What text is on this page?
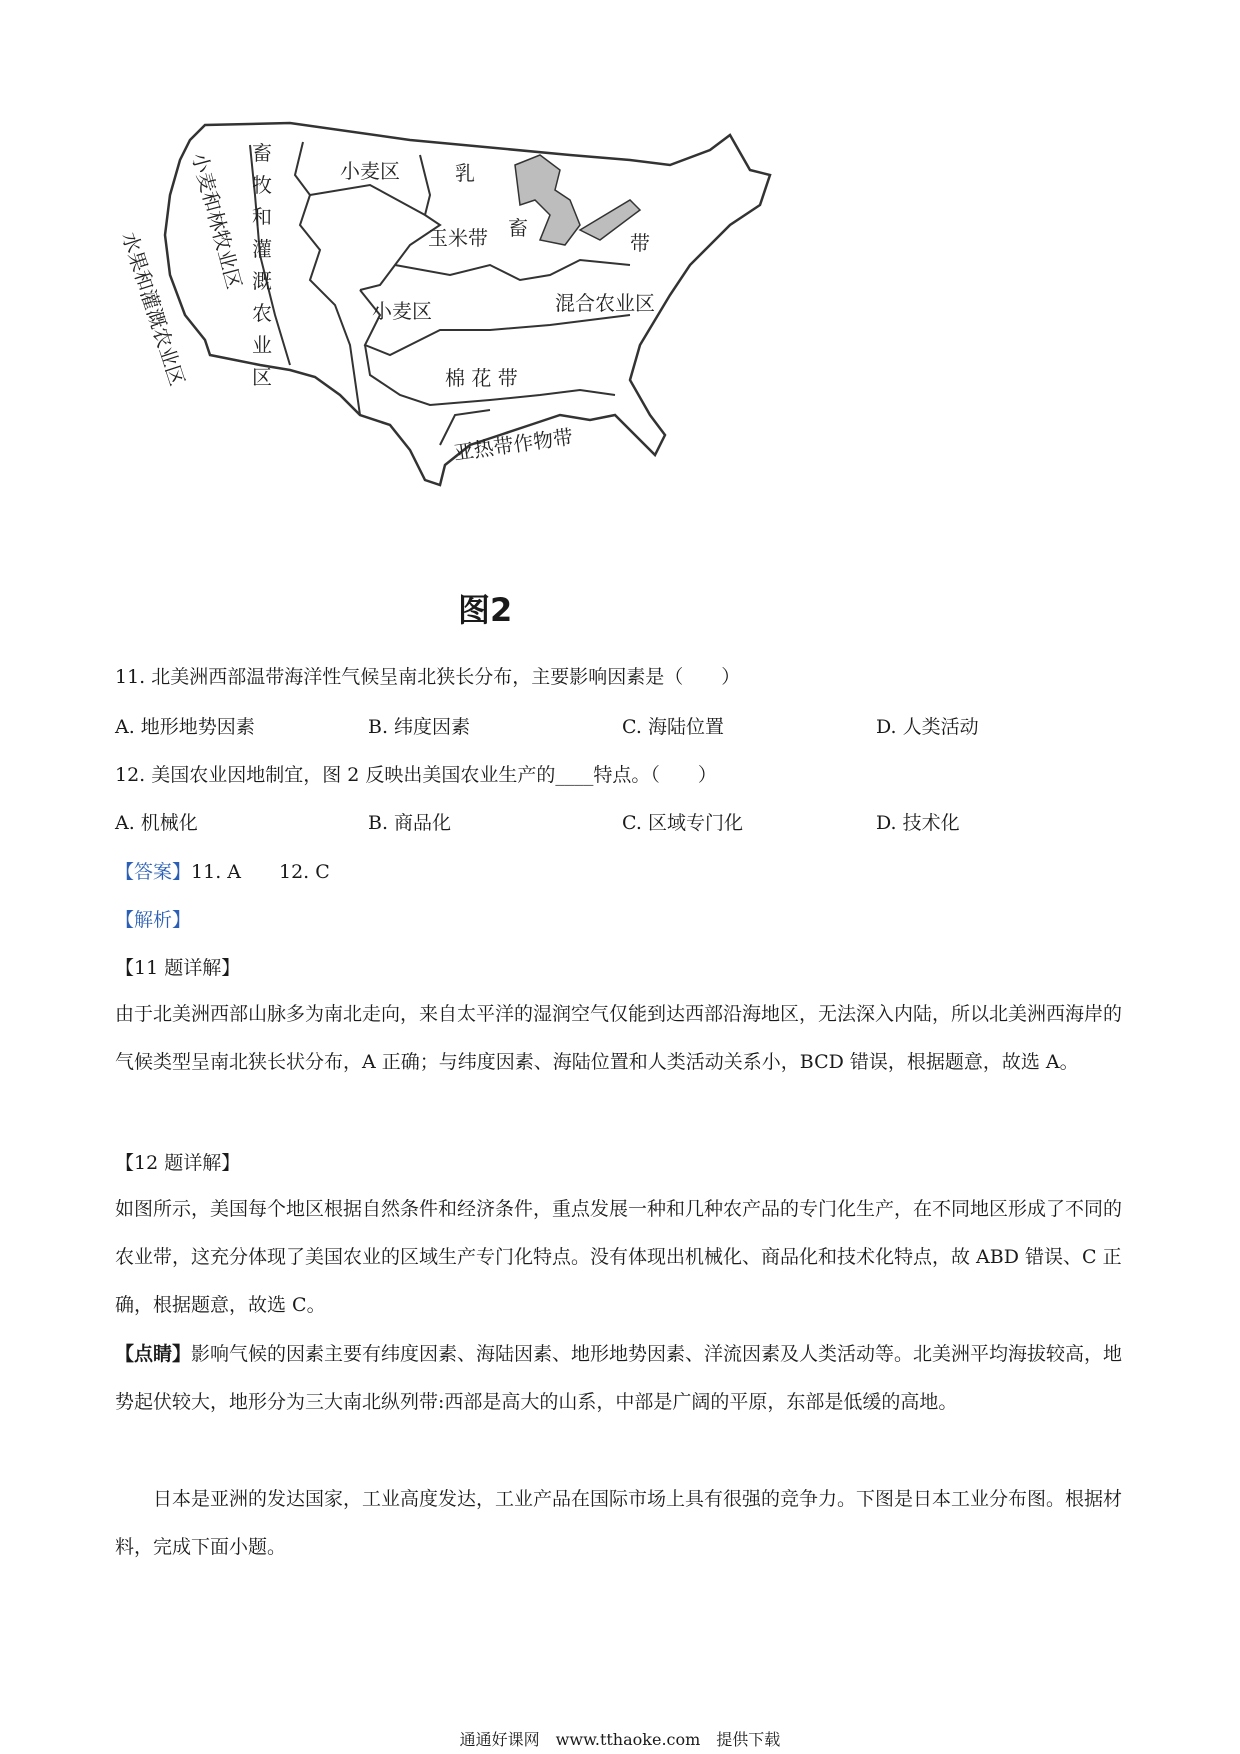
小麦和林牧业区
水果和灌溉农业区
畜牧和灌溉农业区
小麦区	乳
畜
带
玉米带
小麦区	混合农业区
棉 花 带
亚热带作物带
图2
11. 北美洲西部温带海洋性气候呈南北狭长分布，主要影响因素是（　　）
A. 地形地势因素	B. 纬度因素	C. 海陆位置	D. 人类活动
12. 美国农业因地制宜，图 2 反映出美国农业生产的____特点。（　　）
A. 机械化	B. 商品化	C. 区域专门化	D. 技术化
【答案】11. A　　12. C
【解析】
【11 题详解】
由于北美洲西部山脉多为南北走向，来自太平洋的湿润空气仅能到达西部沿海地区，无法深入内陆，所以北美洲西海岸的气候类型呈南北狭长状分布，A 正确；与纬度因素、海陆位置和人类活动关系小，BCD 错误，根据题意，故选 A。
【12 题详解】
如图所示，美国每个地区根据自然条件和经济条件，重点发展一种和几种农产品的专门化生产，在不同地区形成了不同的农业带，这充分体现了美国农业的区域生产专门化特点。没有体现出机械化、商品化和技术化特点，故 ABD 错误、C 正确，根据题意，故选 C。
【点睛】影响气候的因素主要有纬度因素、海陆因素、地形地势因素、洋流因素及人类活动等。北美洲平均海拔较高，地势起伏较大，地形分为三大南北纵列带:西部是高大的山系，中部是广阔的平原，东部是低缓的高地。
日本是亚洲的发达国家，工业高度发达，工业产品在国际市场上具有很强的竞争力。下图是日本工业分布图。根据材料，完成下面小题。
通通好课网　www.tthaoke.com　提供下载
